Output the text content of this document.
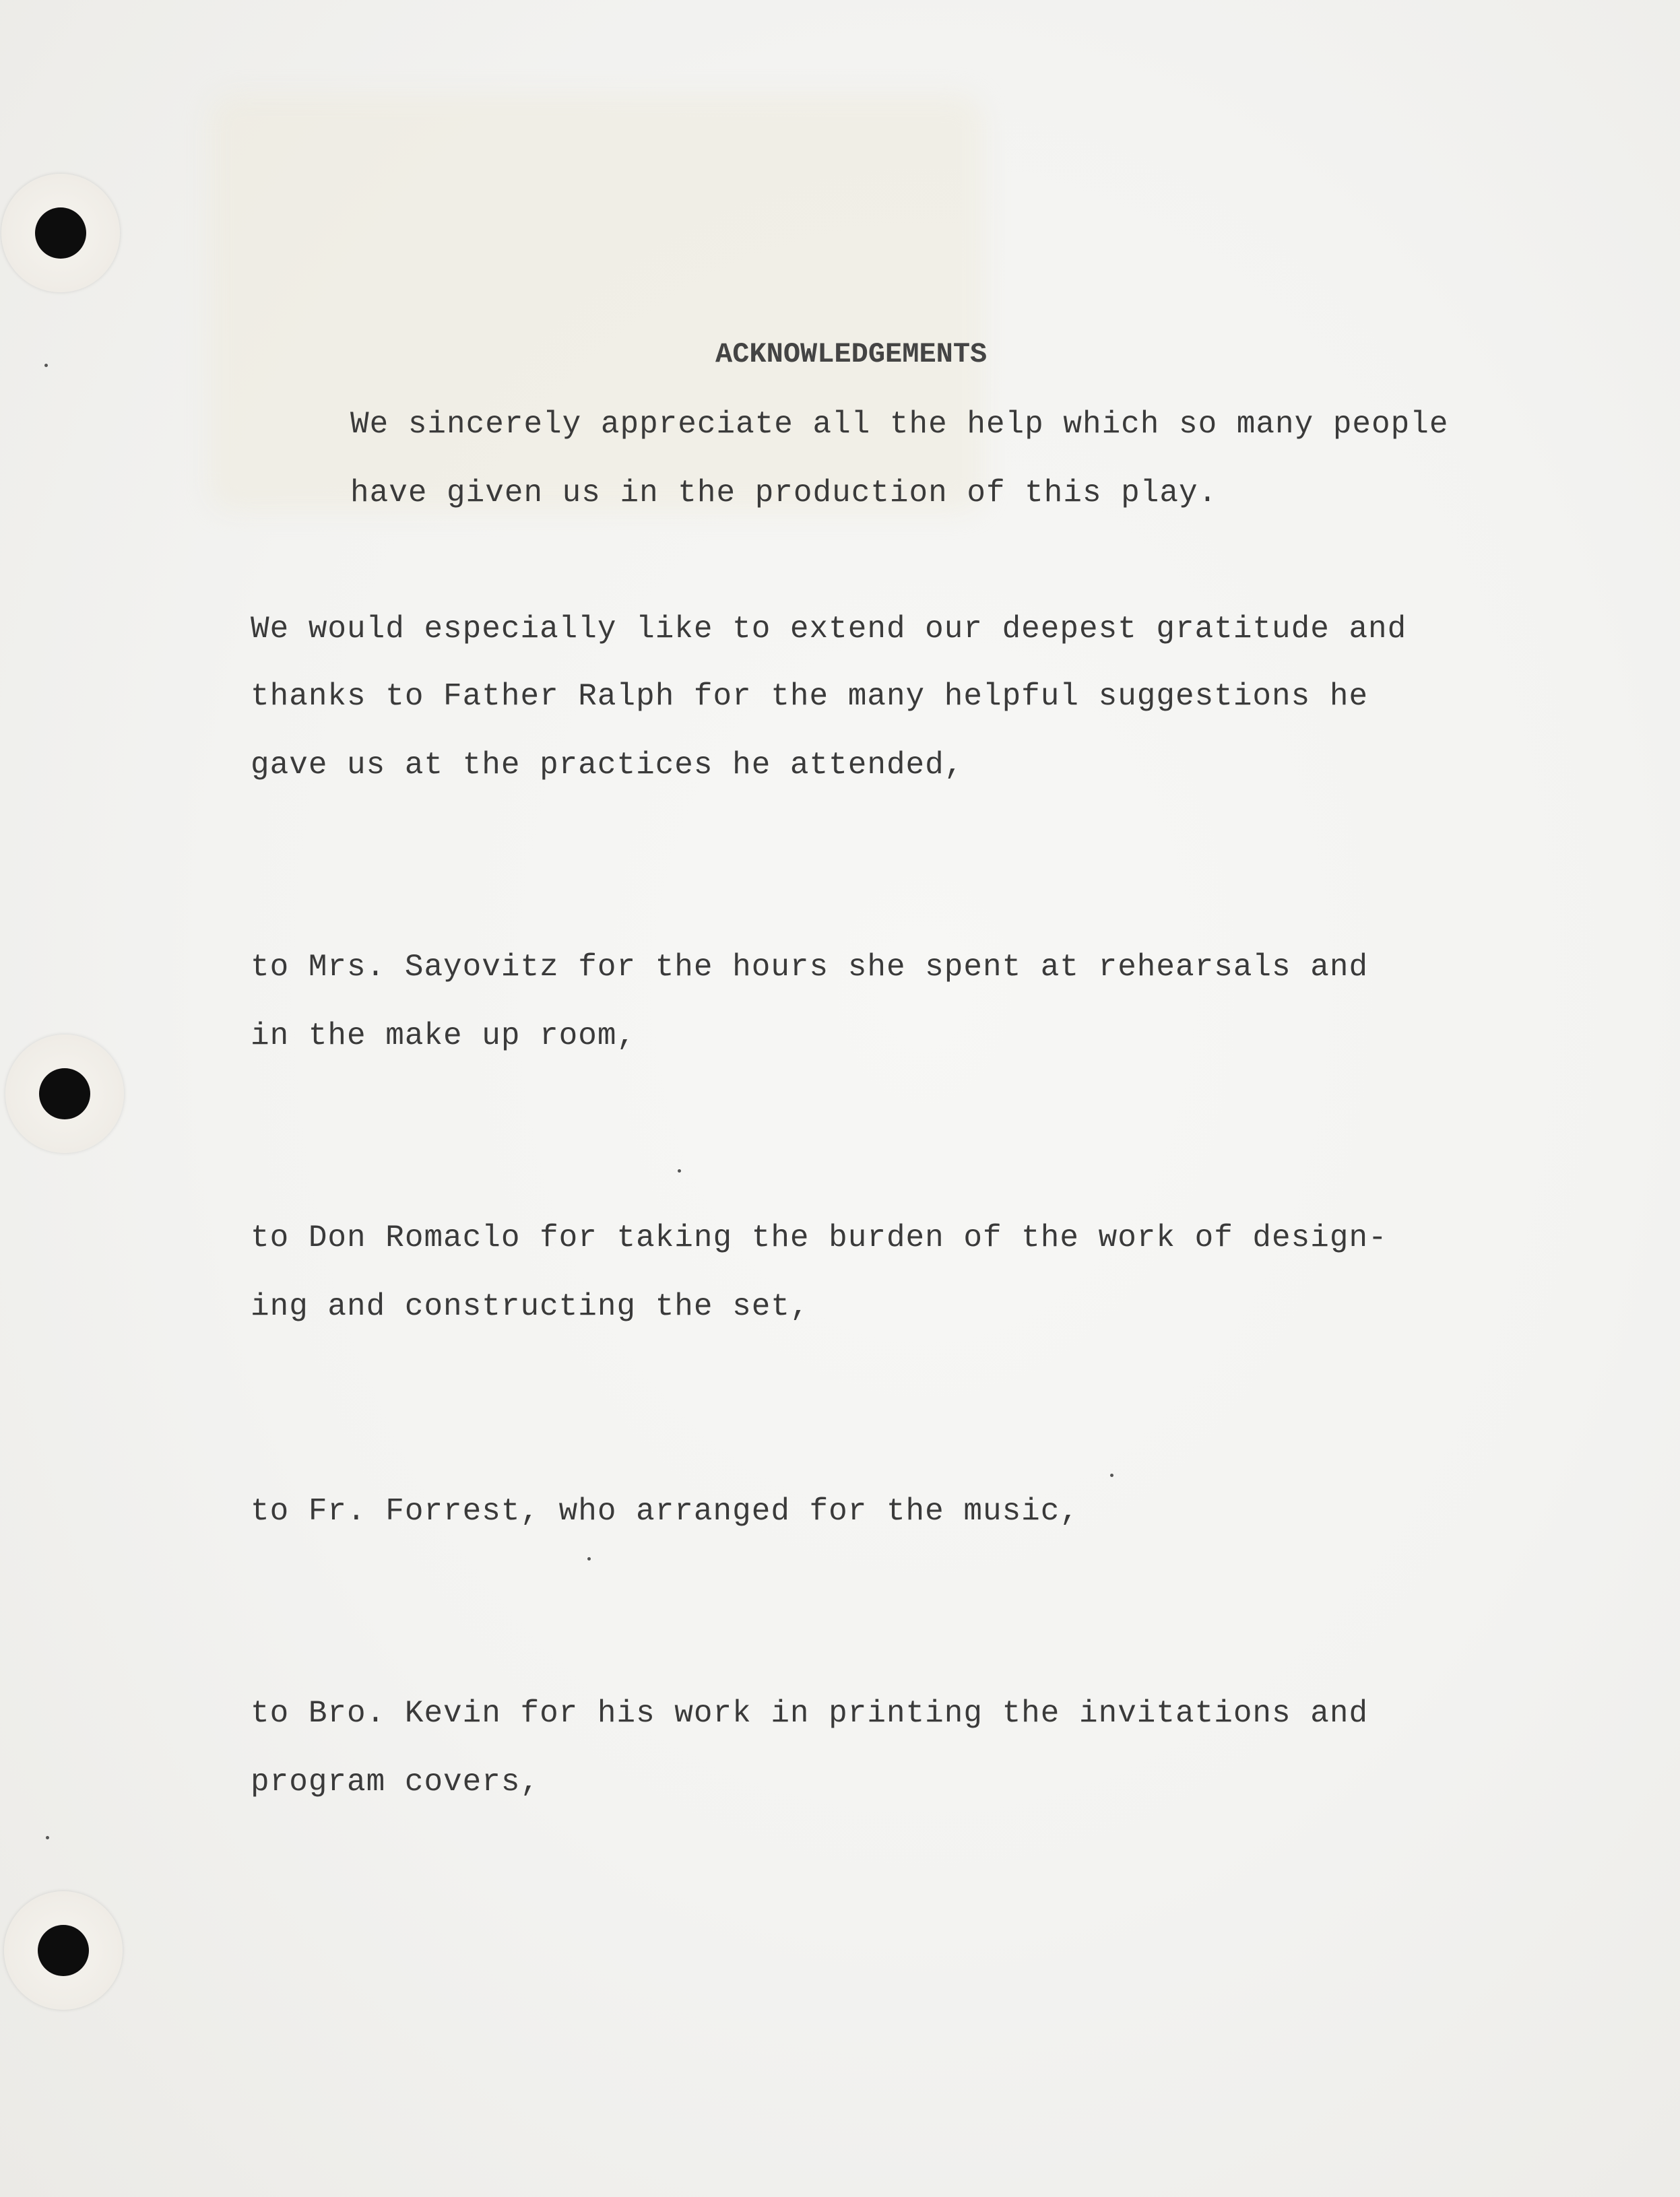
ACKNOWLEDGEMENTS

We sincerely appreciate all the help which so many people

have given us in the production of this play.

We would especially like to extend our deepest gratitude and

thanks to Father Ralph for the many helpful suggestions he

gave us at the practices he attended,

to Mrs. Sayovitz for the hours she spent at rehearsals and

in the make up room,

to Don Romaclo for taking the burden of the work of design-

ing and constructing the set,

to Fr. Forrest, who arranged for the music,

to Bro. Kevin for his work in printing the invitations and

program covers,
